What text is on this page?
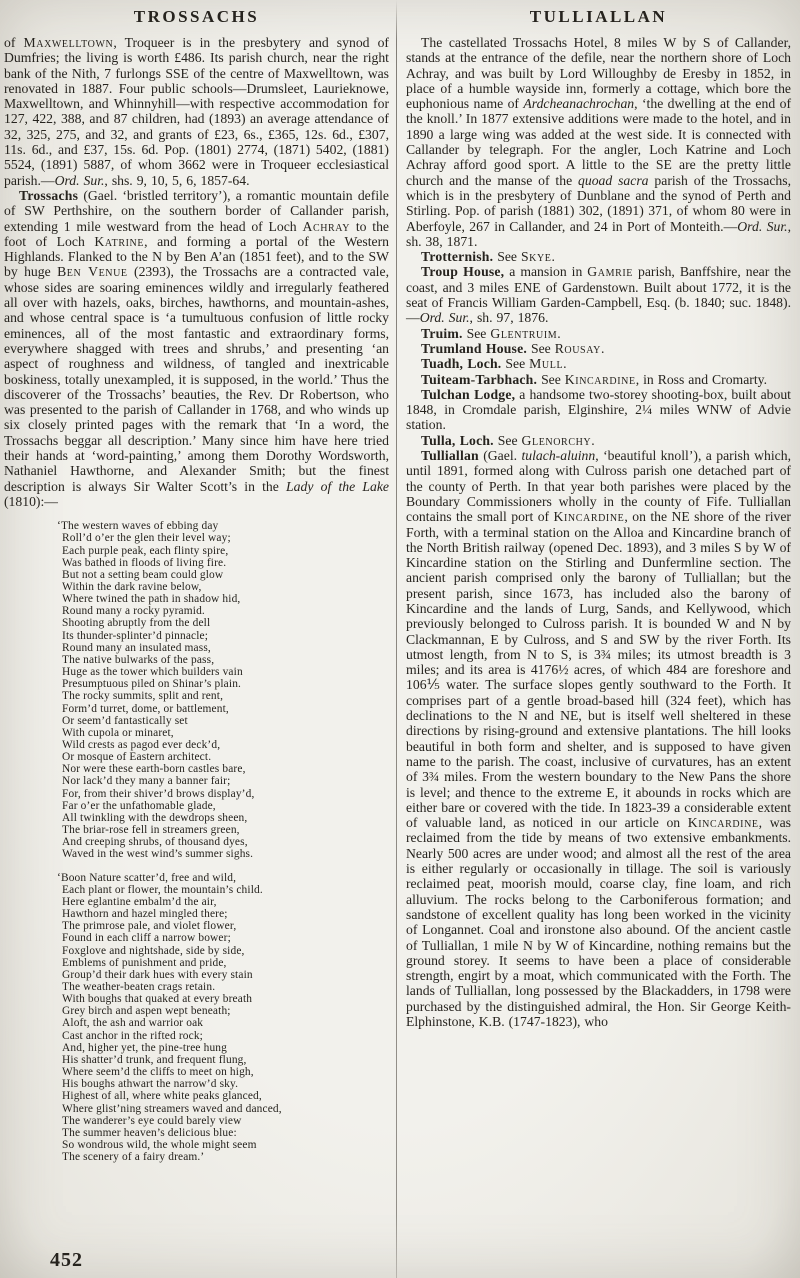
TROSSACHS

of Maxwelltown, Troqueer is in the presbytery and synod of Dumfries; the living is worth £486. Its parish church, near the right bank of the Nith, 7 furlongs SSE of the centre of Maxwelltown, was renovated in 1887. Four public schools—Drumsleet, Laurieknowe, Maxwelltown, and Whinnyhill—with respective accommodation for 127, 422, 388, and 87 children, had (1893) an average attendance of 32, 325, 275, and 32, and grants of £23, 6s., £365, 12s. 6d., £307, 11s. 6d., and £37, 15s. 6d. Pop. (1801) 2774, (1871) 5402, (1881) 5524, (1891) 5887, of whom 3662 were in Troqueer ecclesiastical parish.—Ord. Sur., shs. 9, 10, 5, 6, 1857-64.

Trossachs (Gael. ‘bristled territory’), a romantic mountain defile of SW Perthshire, on the southern border of Callander parish, extending 1 mile westward from the head of Loch Achray to the foot of Loch Katrine, and forming a portal of the Western Highlands. Flanked to the N by Ben A’an (1851 feet), and to the SW by huge Ben Venue (2393), the Trossachs are a contracted vale, whose sides are soaring eminences wildly and irregularly feathered all over with hazels, oaks, birches, hawthorns, and mountain-ashes, and whose central space is ‘a tumultuous confusion of little rocky eminences, all of the most fantastic and extraordinary forms, everywhere shagged with trees and shrubs,’ and presenting ‘an aspect of roughness and wildness, of tangled and inextricable boskiness, totally unexampled, it is supposed, in the world.’ Thus the discoverer of the Trossachs’ beauties, the Rev. Dr Robertson, who was presented to the parish of Callander in 1768, and who winds up six closely printed pages with the remark that ‘In a word, the Trossachs beggar all description.’ Many since him have here tried their hands at ‘word-painting,’ among them Dorothy Wordsworth, Nathaniel Hawthorne, and Alexander Smith; but the finest description is always Sir Walter Scott’s in the Lady of the Lake (1810):—

‘The western waves of ebbing day
Roll’d o’er the glen their level way;
Each purple peak, each flinty spire,
Was bathed in floods of living fire.
But not a setting beam could glow
Within the dark ravine below,
Where twined the path in shadow hid,
Round many a rocky pyramid.
Shooting abruptly from the dell
Its thunder-splinter’d pinnacle;
Round many an insulated mass,
The native bulwarks of the pass,
Huge as the tower which builders vain
Presumptuous piled on Shinar’s plain.
The rocky summits, split and rent,
Form’d turret, dome, or battlement,
Or seem’d fantastically set
With cupola or minaret,
Wild crests as pagod ever deck’d,
Or mosque of Eastern architect.
Nor were these earth-born castles bare,
Nor lack’d they many a banner fair;
For, from their shiver’d brows display’d,
Far o’er the unfathomable glade,
All twinkling with the dewdrops sheen,
The briar-rose fell in streamers green,
And creeping shrubs, of thousand dyes,
Waved in the west wind’s summer sighs.
‘Boon Nature scatter’d, free and wild,
Each plant or flower, the mountain’s child.
Here eglantine embalm’d the air,
Hawthorn and hazel mingled there;
The primrose pale, and violet flower,
Found in each cliff a narrow bower;
Foxglove and nightshade, side by side,
Emblems of punishment and pride,
Group’d their dark hues with every stain
The weather-beaten crags retain.
With boughs that quaked at every breath
Grey birch and aspen wept beneath;
Aloft, the ash and warrior oak
Cast anchor in the rifted rock;
And, higher yet, the pine-tree hung
His shatter’d trunk, and frequent flung,
Where seem’d the cliffs to meet on high,
His boughs athwart the narrow’d sky.
Highest of all, where white peaks glanced,
Where glist’ning streamers waved and danced,
The wanderer’s eye could barely view
The summer heaven’s delicious blue:
So wondrous wild, the whole might seem
The scenery of a fairy dream.’
TULLIALLAN

The castellated Trossachs Hotel, 8 miles W by S of Callander, stands at the entrance of the defile, near the northern shore of Loch Achray, and was built by Lord Willoughby de Eresby in 1852, in place of a humble wayside inn, formerly a cottage, which bore the euphonious name of Ardcheanachrochan, ‘the dwelling at the end of the knoll.’ In 1877 extensive additions were made to the hotel, and in 1890 a large wing was added at the west side. It is connected with Callander by telegraph. For the angler, Loch Katrine and Loch Achray afford good sport. A little to the SE are the pretty little church and the manse of the quoad sacra parish of the Trossachs, which is in the presbytery of Dunblane and the synod of Perth and Stirling. Pop. of parish (1881) 302, (1891) 371, of whom 80 were in Aberfoyle, 267 in Callander, and 24 in Port of Monteith.—Ord. Sur., sh. 38, 1871.

Trotternish. See Skye.

Troup House, a mansion in Gamrie parish, Banffshire, near the coast, and 3 miles ENE of Gardenstown. Built about 1772, it is the seat of Francis William Garden-Campbell, Esq. (b. 1840; suc. 1848).—Ord. Sur., sh. 97, 1876.

Truim. See Glentruim.

Trumland House. See Rousay.

Tuadh, Loch. See Mull.

Tuiteam-Tarbhach. See Kincardine, in Ross and Cromarty.

Tulchan Lodge, a handsome two-storey shooting-box, built about 1848, in Cromdale parish, Elginshire, 2¼ miles WNW of Advie station.

Tulla, Loch. See Glenorchy.

Tulliallan (Gael. tulach-aluinn, ‘beautiful knoll’), a parish which, until 1891, formed along with Culross parish one detached part of the county of Perth. In that year both parishes were placed by the Boundary Commissioners wholly in the county of Fife. Tulliallan contains the small port of Kincardine, on the NE shore of the river Forth, with a terminal station on the Alloa and Kincardine branch of the North British railway (opened Dec. 1893), and 3 miles S by W of Kincardine station on the Stirling and Dunfermline section. The ancient parish comprised only the barony of Tulliallan; but the present parish, since 1673, has included also the barony of Kincardine and the lands of Lurg, Sands, and Kellywood, which previously belonged to Culross parish. It is bounded W and N by Clackmannan, E by Culross, and S and SW by the river Forth. Its utmost length, from N to S, is 3¾ miles; its utmost breadth is 3 miles; and its area is 4176½ acres, of which 484 are foreshore and 106⅕ water. The surface slopes gently southward to the Forth. It comprises part of a gentle broad-based hill (324 feet), which has declinations to the N and NE, but is itself well sheltered in these directions by rising-ground and extensive plantations. The hill looks beautiful in both form and shelter, and is supposed to have given name to the parish. The coast, inclusive of curvatures, has an extent of 3¾ miles. From the western boundary to the New Pans the shore is level; and thence to the extreme E, it abounds in rocks which are either bare or covered with the tide. In 1823-39 a considerable extent of valuable land, as noticed in our article on Kincardine, was reclaimed from the tide by means of two extensive embankments. Nearly 500 acres are under wood; and almost all the rest of the area is either regularly or occasionally in tillage. The soil is variously reclaimed peat, moorish mould, coarse clay, fine loam, and rich alluvium. The rocks belong to the Carboniferous formation; and sandstone of excellent quality has long been worked in the vicinity of Longannet. Coal and ironstone also abound. Of the ancient castle of Tulliallan, 1 mile N by W of Kincardine, nothing remains but the ground storey. It seems to have been a place of considerable strength, engirt by a moat, which communicated with the Forth. The lands of Tulliallan, long possessed by the Blackadders, in 1798 were purchased by the distinguished admiral, the Hon. Sir George Keith-Elphinstone, K.B. (1747-1823), who

452
